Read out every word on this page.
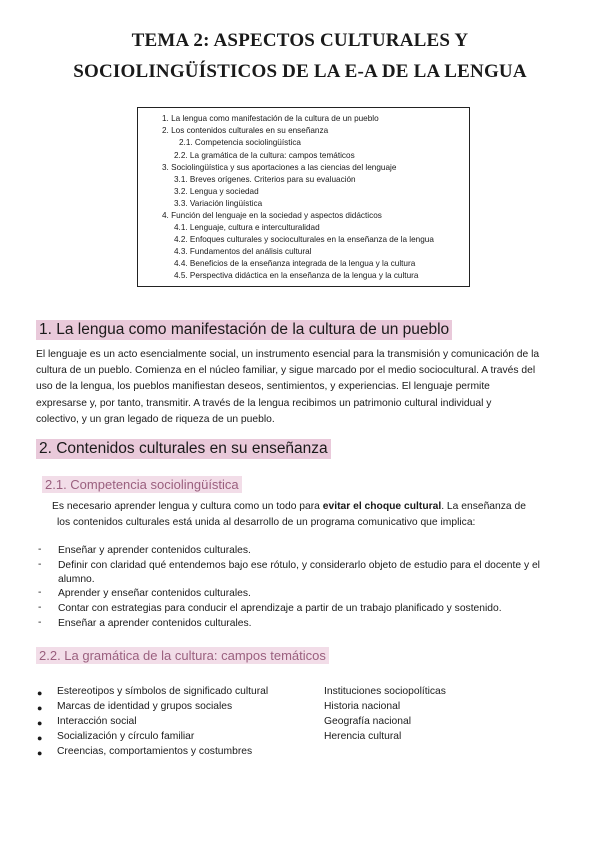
TEMA 2: ASPECTOS CULTURALES Y
SOCIOLINGÜÍSTICOS DE LA E-A DE LA LENGUA
1. La lengua como manifestación de la cultura de un pueblo
2. Los contenidos culturales en su enseñanza
2.1. Competencia sociolingüística
2.2. La gramática de la cultura: campos temáticos
3. Sociolingüística y sus aportaciones a las ciencias del lenguaje
3.1. Breves orígenes. Criterios para su evaluación
3.2. Lengua y sociedad
3.3. Variación lingüística
4. Función del lenguaje en la sociedad y aspectos didácticos
4.1. Lenguaje, cultura e interculturalidad
4.2. Enfoques culturales y socioculturales en la enseñanza de la lengua
4.3. Fundamentos del análisis cultural
4.4. Beneficios de la enseñanza integrada de la lengua y la cultura
4.5. Perspectiva didáctica en la enseñanza de la lengua y la cultura
1. La lengua como manifestación de la cultura de un pueblo
El lenguaje es un acto esencialmente social, un instrumento esencial para la transmisión y comunicación de la
cultura de un pueblo. Comienza en el núcleo familiar, y sigue marcado por el medio sociocultural. A través del
uso de la lengua, los pueblos manifiestan deseos, sentimientos, y experiencias. El lenguaje permite
expresarse y, por tanto, transmitir. A través de la lengua recibimos un patrimonio cultural individual y
colectivo, y un gran legado de riqueza de un pueblo.
2. Contenidos culturales en su enseñanza
2.1. Competencia sociolingüística
Es necesario aprender lengua y cultura como un todo para evitar el choque cultural. La enseñanza de
los contenidos culturales está unida al desarrollo de un programa comunicativo que implica:
- Enseñar y aprender contenidos culturales.
- Definir con claridad qué entendemos bajo ese rótulo, y considerarlo objeto de estudio para el docente y el
alumno.
- Aprender y enseñar contenidos culturales.
- Contar con estrategias para conducir el aprendizaje a partir de un trabajo planificado y sostenido.
- Enseñar a aprender contenidos culturales.
2.2. La gramática de la cultura: campos temáticos
● Estereotipos y símbolos de significado cultural
● Marcas de identidad y grupos sociales
● Interacción social
● Socialización y círculo familiar
● Creencias, comportamientos y costumbres
Instituciones sociopolíticas
Historia nacional
Geografía nacional
Herencia cultural
